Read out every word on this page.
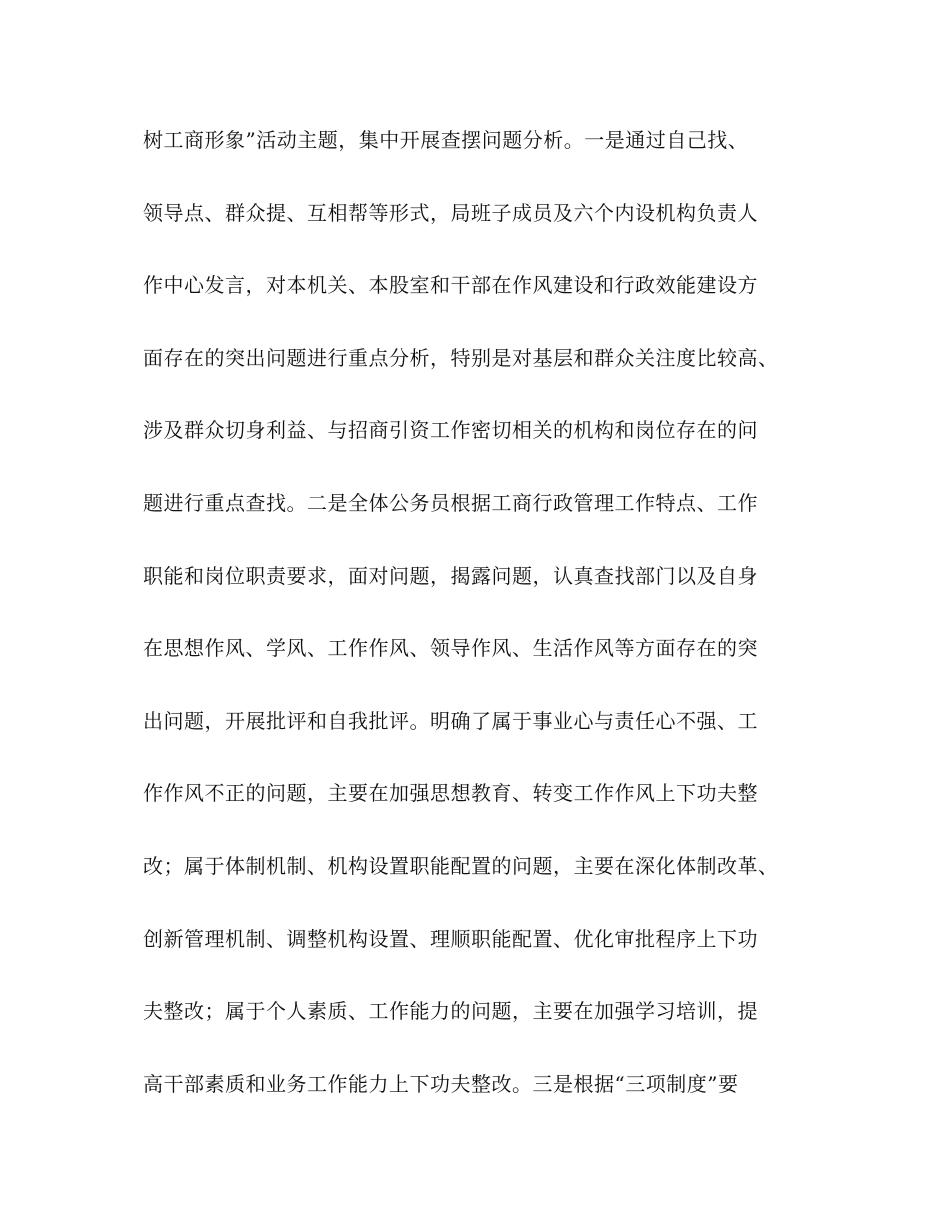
树工商形象”活动主题，集中开展查摆问题分析。一是通过自己找、
领导点、群众提、互相帮等形式，局班子成员及六个内设机构负责人
作中心发言，对本机关、本股室和干部在作风建设和行政效能建设方
面存在的突出问题进行重点分析，特别是对基层和群众关注度比较高、
涉及群众切身利益、与招商引资工作密切相关的机构和岗位存在的问
题进行重点查找。二是全体公务员根据工商行政管理工作特点、工作
职能和岗位职责要求，面对问题，揭露问题，认真查找部门以及自身
在思想作风、学风、工作作风、领导作风、生活作风等方面存在的突
出问题，开展批评和自我批评。明确了属于事业心与责任心不强、工
作作风不正的问题，主要在加强思想教育、转变工作作风上下功夫整
改；属于体制机制、机构设置职能配置的问题，主要在深化体制改革、
创新管理机制、调整机构设置、理顺职能配置、优化审批程序上下功
夫整改；属于个人素质、工作能力的问题，主要在加强学习培训，提
高干部素质和业务工作能力上下功夫整改。三是根据“三项制度”要
